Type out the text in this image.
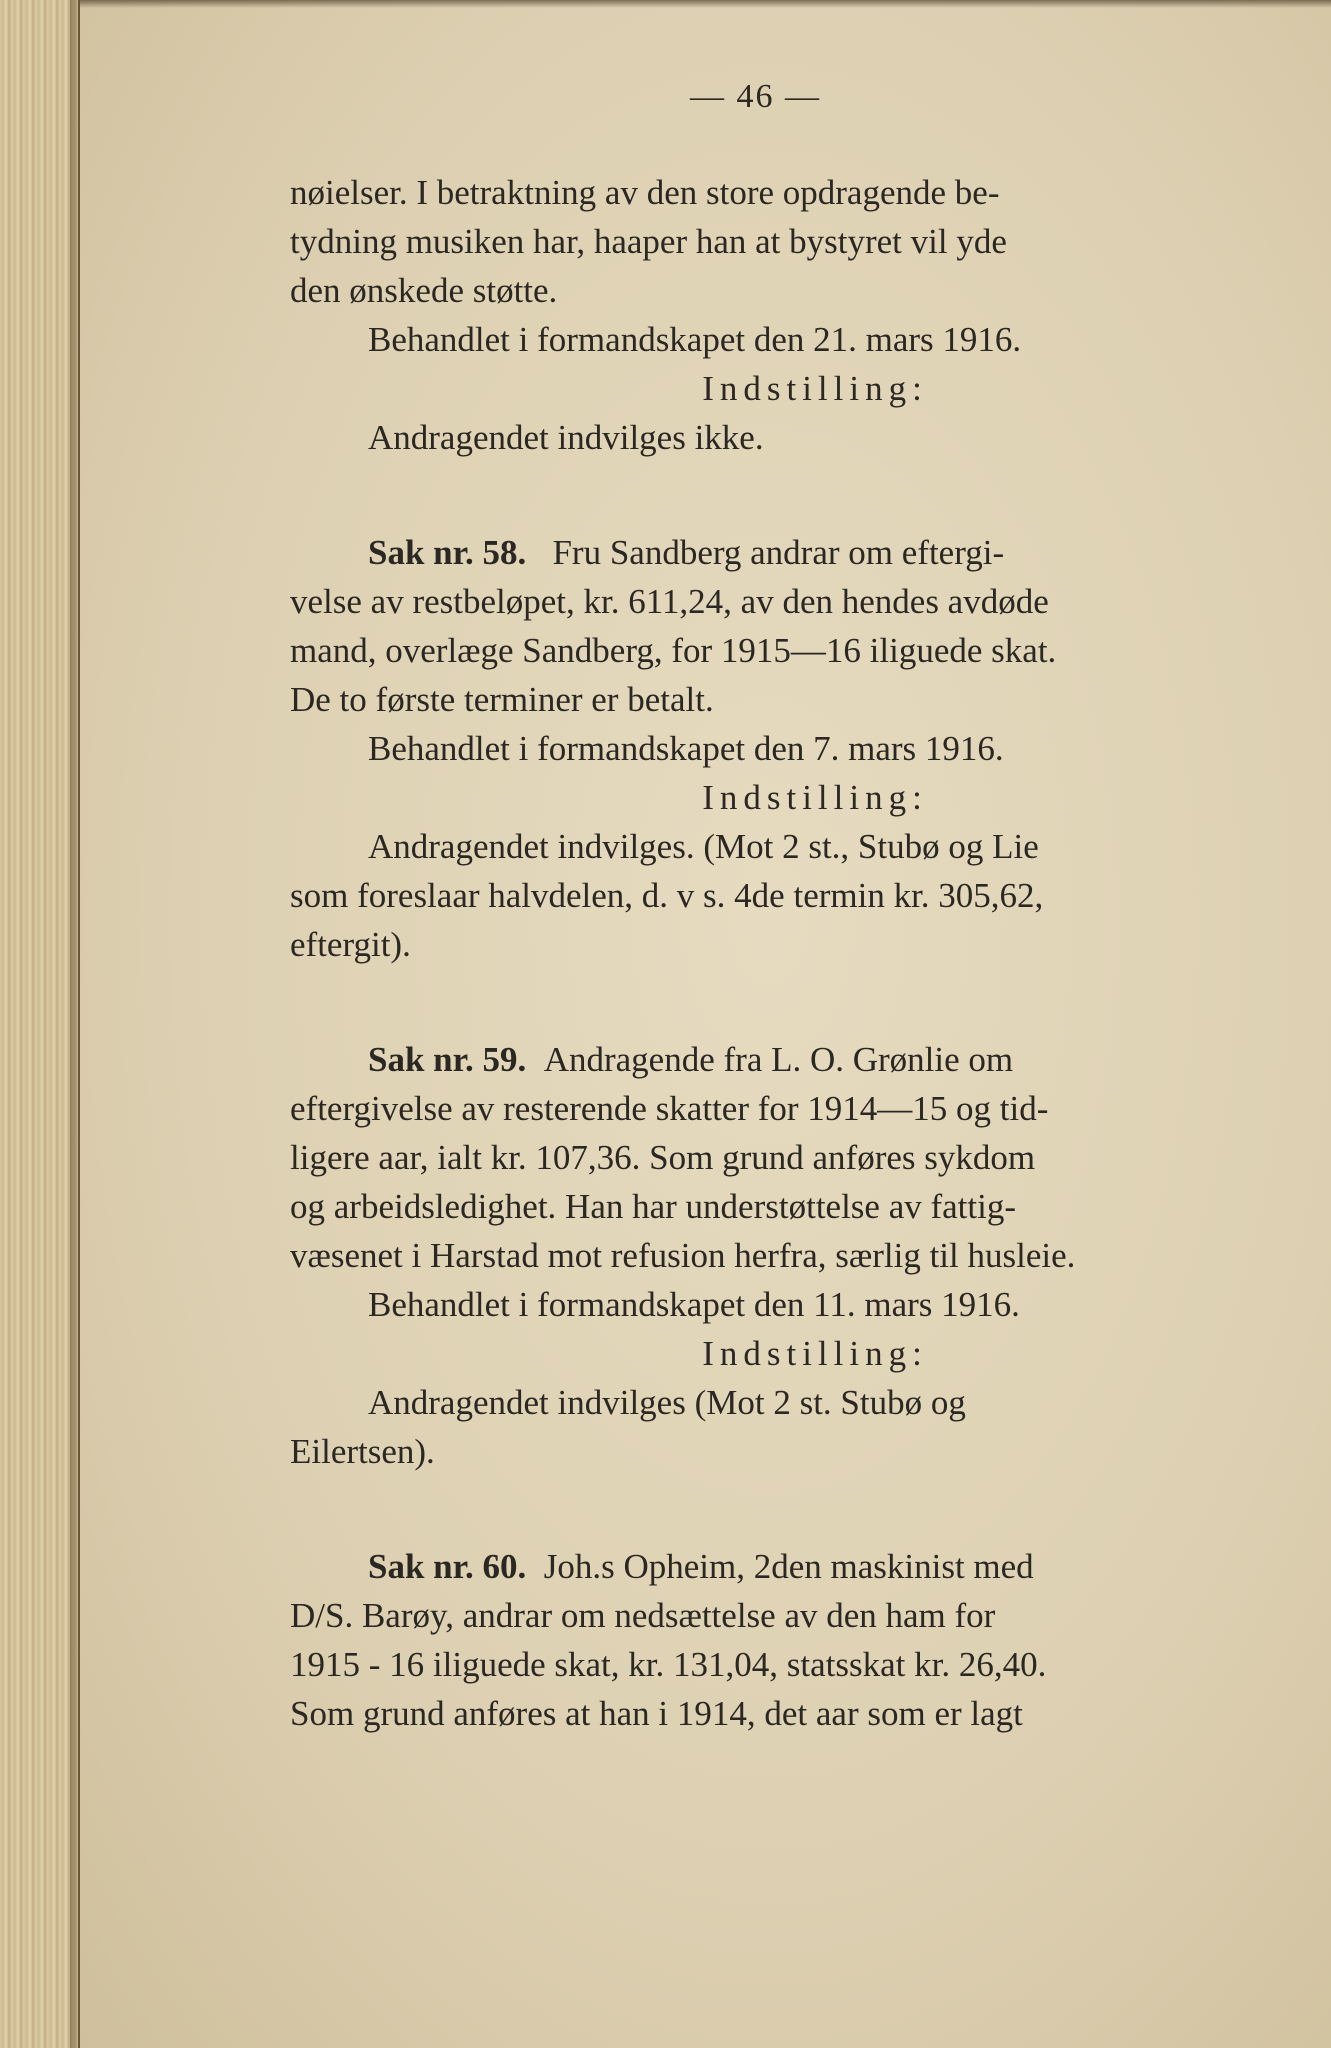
— 46 —
nøielser. I betraktning av den store opdragende be-
tydning musiken har, haaper han at bystyret vil yde
den ønskede støtte.
Behandlet i formandskapet den 21. mars 1916.
Indstilling:
Andragendet indvilges ikke.
Sak nr. 58. Fru Sandberg andrar om eftergi-
velse av restbeløpet, kr. 611,24, av den hendes avdøde
mand, overlæge Sandberg, for 1915—16 iliguede skat.
De to første terminer er betalt.
Behandlet i formandskapet den 7. mars 1916.
Indstilling:
Andragendet indvilges. (Mot 2 st., Stubø og Lie
som foreslaar halvdelen, d. v s. 4de termin kr. 305,62,
eftergit).
Sak nr. 59. Andragende fra L. O. Grønlie om
eftergivelse av resterende skatter for 1914—15 og tid-
ligere aar, ialt kr. 107,36. Som grund anføres sykdom
og arbeidsledighet. Han har understøttelse av fattig-
væsenet i Harstad mot refusion herfra, særlig til husleie.
Behandlet i formandskapet den 11. mars 1916.
Indstilling:
Andragendet indvilges (Mot 2 st. Stubø og
Eilertsen).
Sak nr. 60. Joh.s Opheim, 2den maskinist med
D/S. Barøy, andrar om nedsættelse av den ham for
1915 - 16 iliguede skat, kr. 131,04, statsskat kr. 26,40.
Som grund anføres at han i 1914, det aar som er lagt
